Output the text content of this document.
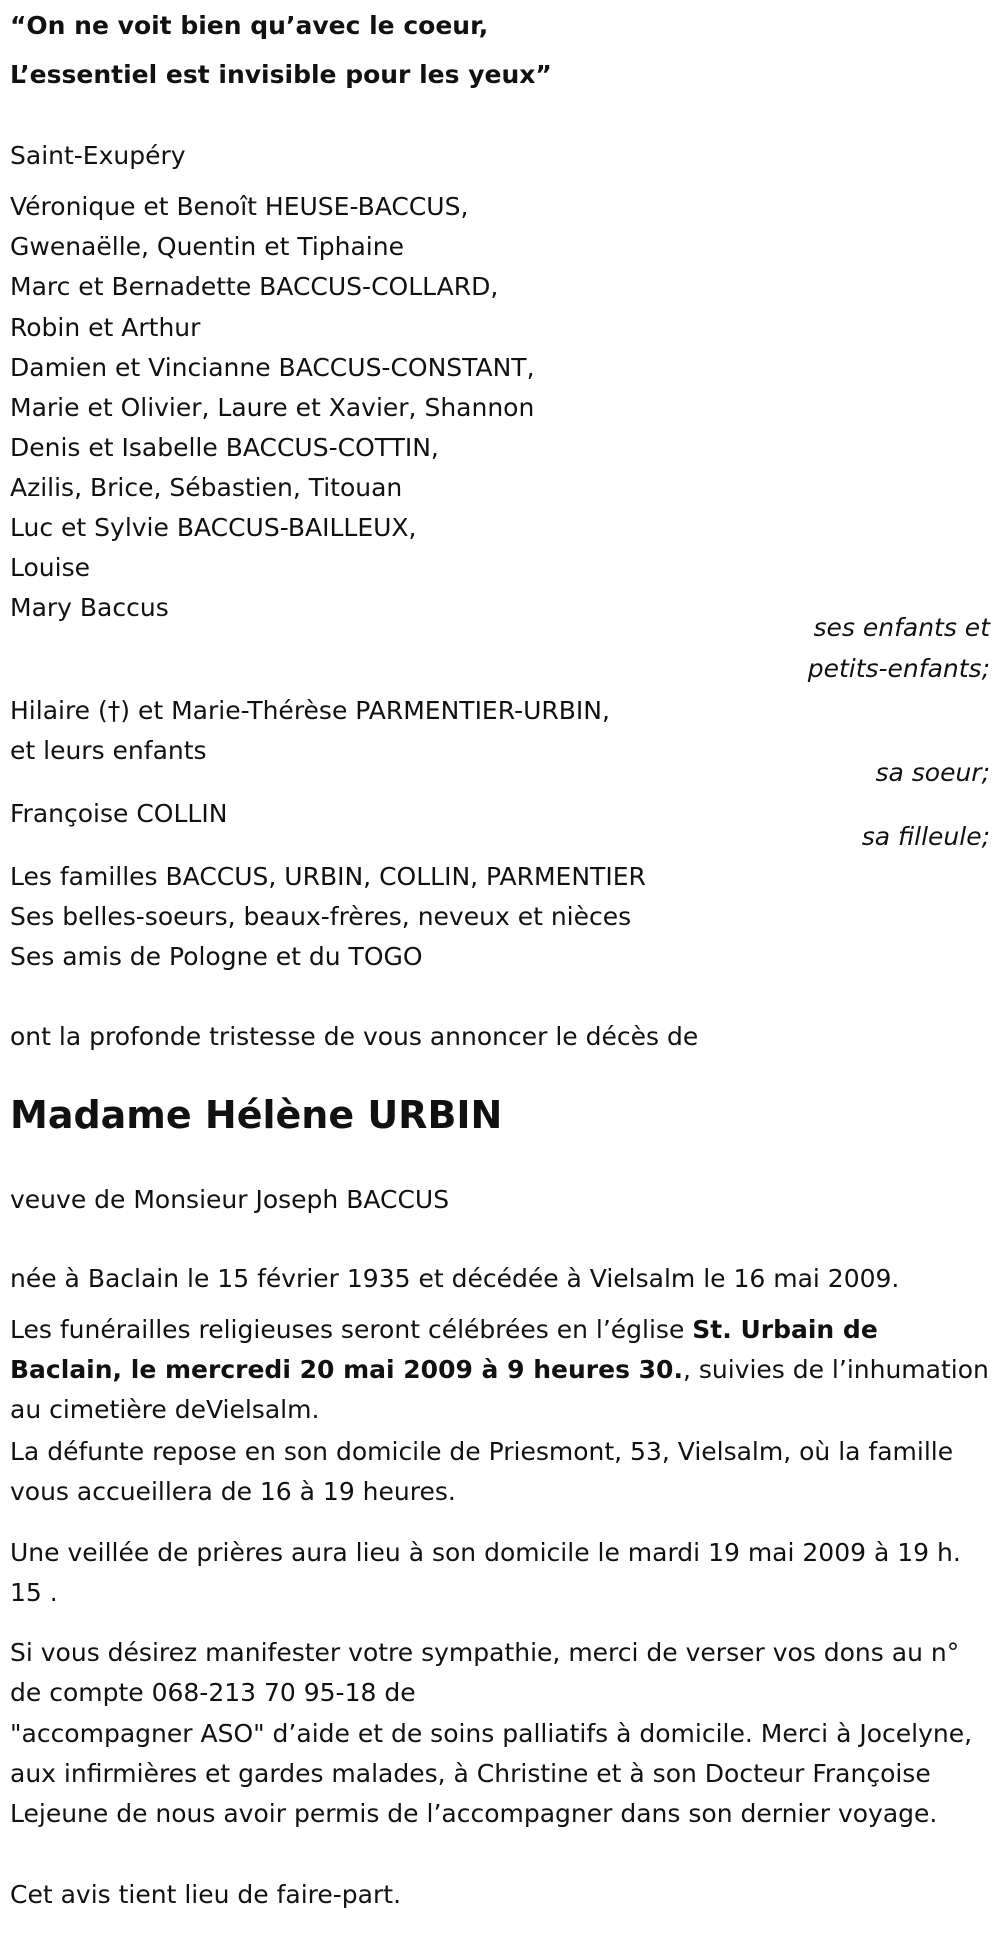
“On ne voit bien qu’avec le coeur,
L’essentiel est invisible pour les yeux”
Saint-Exupéry
Véronique et Benoît HEUSE-BACCUS,
Gwenaëlle, Quentin et Tiphaine
Marc et Bernadette BACCUS-COLLARD,
Robin et Arthur
Damien et Vincianne BACCUS-CONSTANT,
Marie et Olivier, Laure et Xavier, Shannon
Denis et Isabelle BACCUS-COTTIN,
Azilis, Brice, Sébastien, Titouan
Luc et Sylvie BACCUS-BAILLEUX,
Louise
Mary Baccus
ses enfants et
petits-enfants;
Hilaire (†) et Marie-Thérèse PARMENTIER-URBIN,
et leurs enfants
sa soeur;
Françoise COLLIN
sa filleule;
Les familles BACCUS, URBIN, COLLIN, PARMENTIER
Ses belles-soeurs, beaux-frères, neveux et nièces
Ses amis de Pologne et du TOGO
ont la profonde tristesse de vous annoncer le décès de
Madame Hélène URBIN
veuve de Monsieur Joseph BACCUS
née à Baclain le 15 février 1935 et décédée à Vielsalm le 16 mai 2009.
Les funérailles religieuses seront célébrées en l’église St. Urbain de Baclain, le mercredi 20 mai 2009 à 9 heures 30., suivies de l’inhumation au cimetière deVielsalm.
La défunte repose en son domicile de Priesmont, 53, Vielsalm, où la famille vous accueillera de 16 à 19 heures.
Une veillée de prières aura lieu à son domicile le mardi 19 mai 2009 à 19 h. 15 .
Si vous désirez manifester votre sympathie, merci de verser vos dons au n° de compte 068-213 70 95-18 de
"accompagner ASO" d’aide et de soins palliatifs à domicile. Merci à Jocelyne, aux infirmières et gardes malades, à Christine et à son Docteur Françoise Lejeune de nous avoir permis de l’accompagner dans son dernier voyage.
Cet avis tient lieu de faire-part.
